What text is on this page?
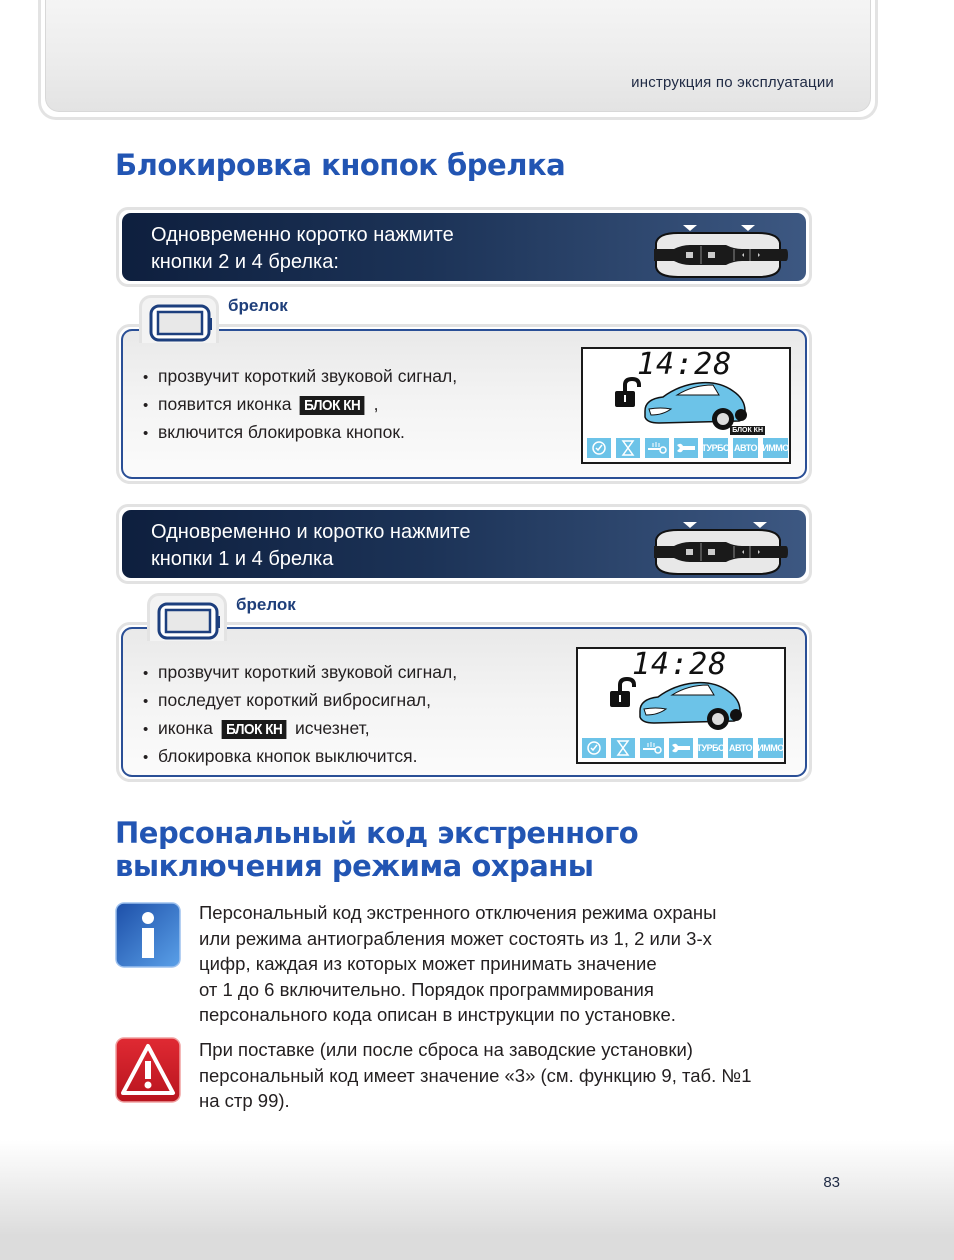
инструкция по эксплуатации
Блокировка кнопок брелка
Одновременно коротко нажмите
кнопки 2 и 4 брелка:
брелок
• прозвучит короткий звуковой сигнал,
• появится иконка БЛОК КН ,
• включится блокировка кнопок.
14:28
БЛОК КН
ТУРБО АВТО ИММО
Одновременно и коротко нажмите
кнопки 1 и 4 брелка
брелок
• прозвучит короткий звуковой сигнал,
• последует короткий вибросигнал,
• иконка БЛОК КН исчезнет,
• блокировка кнопок выключится.
14:28
ТУРБО АВТО ИММО
Персональный код экстренного
выключения режима охраны
Персональный код экстренного отключения режима охраны
или режима антиограбления может состоять из 1, 2 или 3-х
цифр, каждая из которых может принимать значение
от 1 до 6 включительно. Порядок программирования
персонального кода описан в инструкции по установке.
При поставке (или после сброса на заводские установки)
персональный код имеет значение «3» (см. функцию 9, таб. №1
на стр 99).
83
